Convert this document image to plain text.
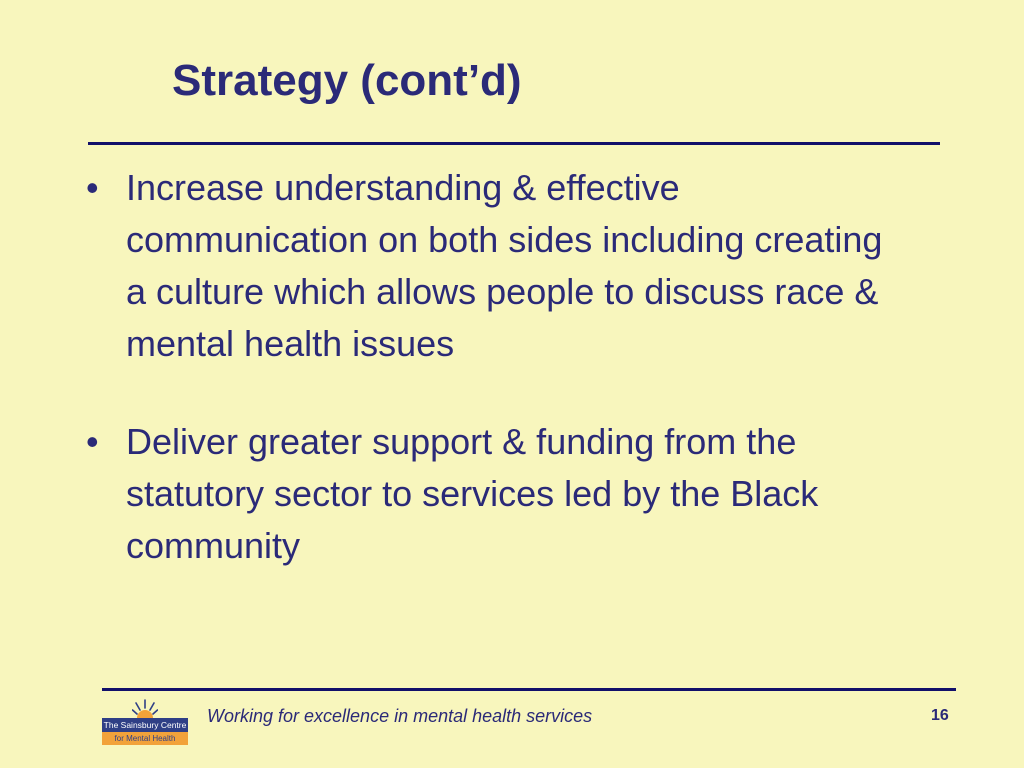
Strategy (cont’d)
• Increase understanding & effective
communication on both sides including creating
a culture which allows people to discuss race &
mental health issues
• Deliver greater support & funding from the
statutory sector to services led by the Black
community
The Sainsbury Centre
for Mental Health
Working for excellence in mental health services	16
